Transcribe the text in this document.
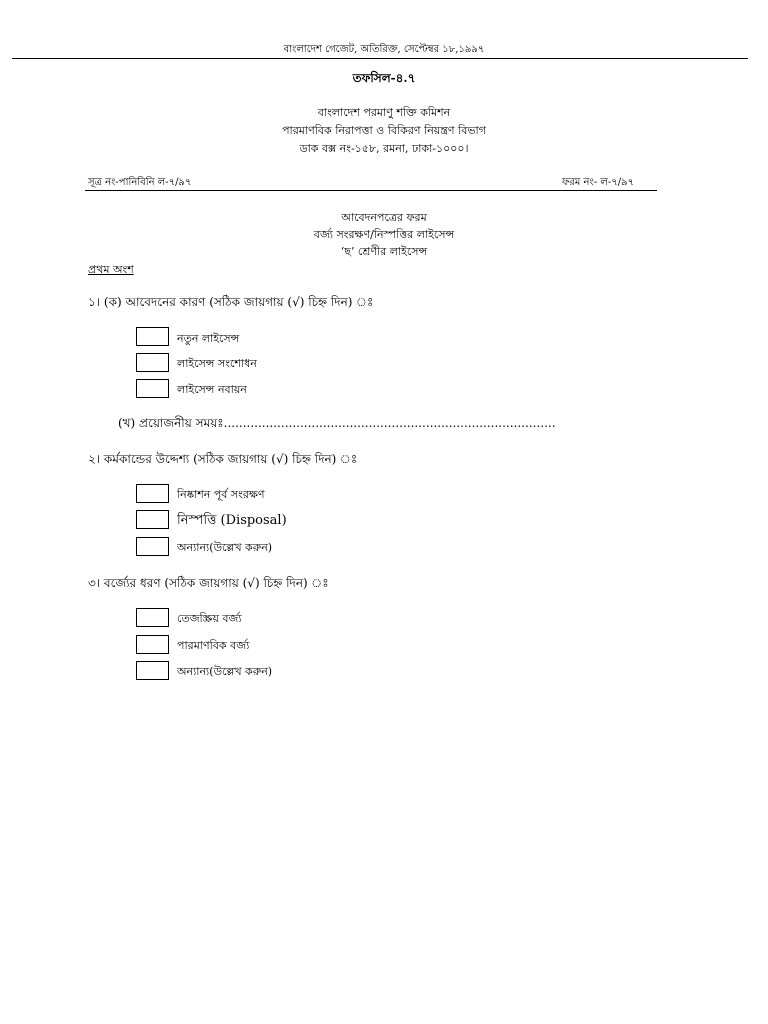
বাংলাদেশ গেজেট, অতিরিক্ত, সেপ্টেম্বর ১৮,১৯৯৭
তফসিল-৪.৭
বাংলাদেশ পরমাণু শক্তি কমিশন
পারমাণবিক নিরাপত্তা ও বিকিরণ নিয়ন্ত্রণ বিভাগ
ডাক বক্স নং-১৫৮, রমনা, ঢাকা-১০০০।
সূত্র নং-পানিবিনি ল-৭/৯৭	ফরম নং- ল-৭/৯৭
আবেদনপত্রের ফরম
বর্জ্য সংরক্ষণ/নিস্পত্তির লাইসেন্স
‘ছ’ শ্রেণীর লাইসেন্স
প্রথম অংশ
১। (ক) আবেদনের কারণ (সঠিক জায়গায় (√) চিহ্ন দিন) ঃ
নতুন লাইসেন্স
লাইসেন্স সংশোধন
লাইসেন্স নবায়ন
(খ) প্রয়োজনীয় সময়ঃ.......................................................................................
২। কর্মকান্ডের উদ্দেশ্য (সঠিক জায়গায় (√) চিহ্ন দিন) ঃ
নিষ্কাশন পূর্ব সংরক্ষণ
নিস্পত্তি (Disposal)
অন্যান্য(উল্লেখ করুন)
৩। বর্জ্যের ধরণ (সঠিক জায়গায় (√) চিহ্ন দিন) ঃ
তেজস্ক্রিয় বর্জ্য
পারমাণবিক বর্জ্য
অন্যান্য(উল্লেখ করুন)
